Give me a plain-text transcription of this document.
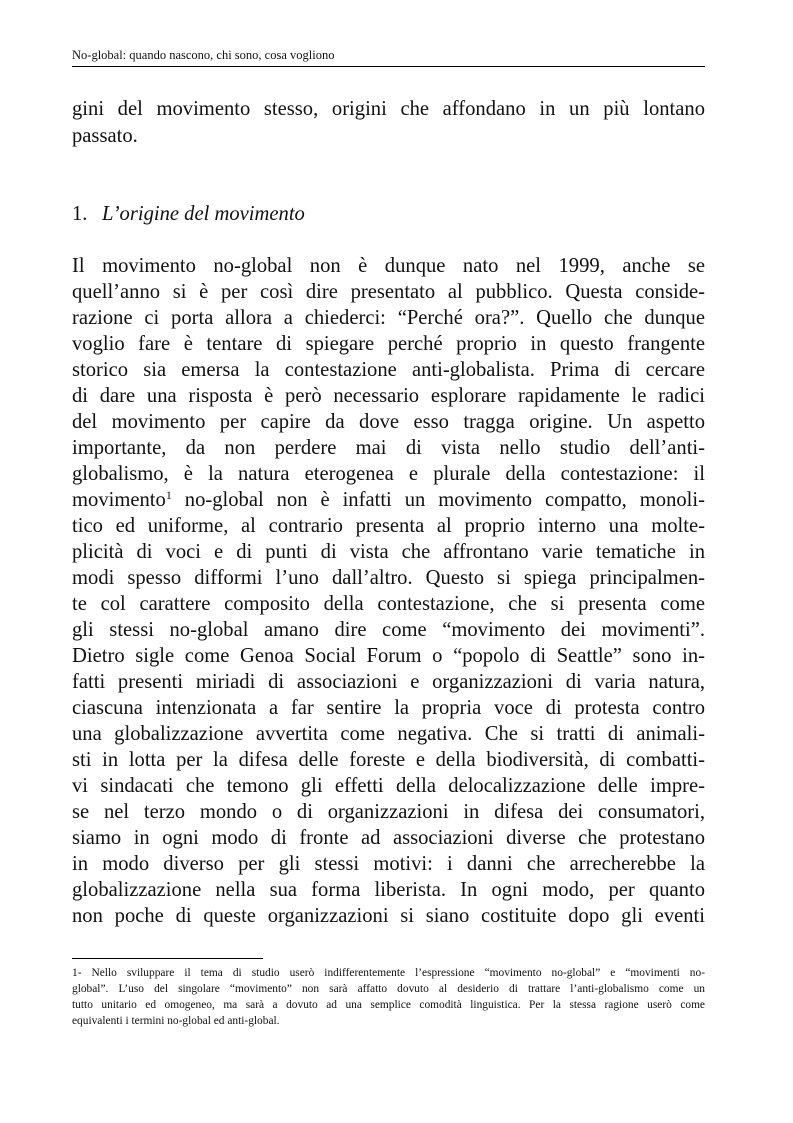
No-global: quando nascono, chi sono, cosa vogliono
gini del movimento stesso, origini che affondano in un più lontano
passato.
1. L’origine del movimento
Il movimento no-global non è dunque nato nel 1999, anche se
quell’anno si è per così dire presentato al pubblico. Questa conside-
razione ci porta allora a chiederci: “Perché ora?”. Quello che dunque
voglio fare è tentare di spiegare perché proprio in questo frangente
storico sia emersa la contestazione anti-globalista. Prima di cercare
di dare una risposta è però necessario esplorare rapidamente le radici
del movimento per capire da dove esso tragga origine. Un aspetto
importante, da non perdere mai di vista nello studio dell’anti-
globalismo, è la natura eterogenea e plurale della contestazione: il
movimento$^1$ no-global non è infatti un movimento compatto, monoli-
tico ed uniforme, al contrario presenta al proprio interno una molte-
plicità di voci e di punti di vista che affrontano varie tematiche in
modi spesso difformi l’uno dall’altro. Questo si spiega principalmen-
te col carattere composito della contestazione, che si presenta come
gli stessi no-global amano dire come “movimento dei movimenti”.
Dietro sigle come Genoa Social Forum o “popolo di Seattle” sono in-
fatti presenti miriadi di associazioni e organizzazioni di varia natura,
ciascuna intenzionata a far sentire la propria voce di protesta contro
una globalizzazione avvertita come negativa. Che si tratti di animali-
sti in lotta per la difesa delle foreste e della biodiversità, di combatti-
vi sindacati che temono gli effetti della delocalizzazione delle impre-
se nel terzo mondo o di organizzazioni in difesa dei consumatori,
siamo in ogni modo di fronte ad associazioni diverse che protestano
in modo diverso per gli stessi motivi: i danni che arrecherebbe la
globalizzazione nella sua forma liberista. In ogni modo, per quanto
non poche di queste organizzazioni si siano costituite dopo gli eventi
1- Nello sviluppare il tema di studio userò indifferentemente l’espressione “movimento no-global” e “movimenti no-
global”. L’uso del singolare “movimento” non sarà affatto dovuto al desiderio di trattare l’anti-globalismo come un
tutto unitario ed omogeneo, ma sarà a dovuto ad una semplice comodità linguistica. Per la stessa ragione userò come
equivalenti i termini no-global ed anti-global.
